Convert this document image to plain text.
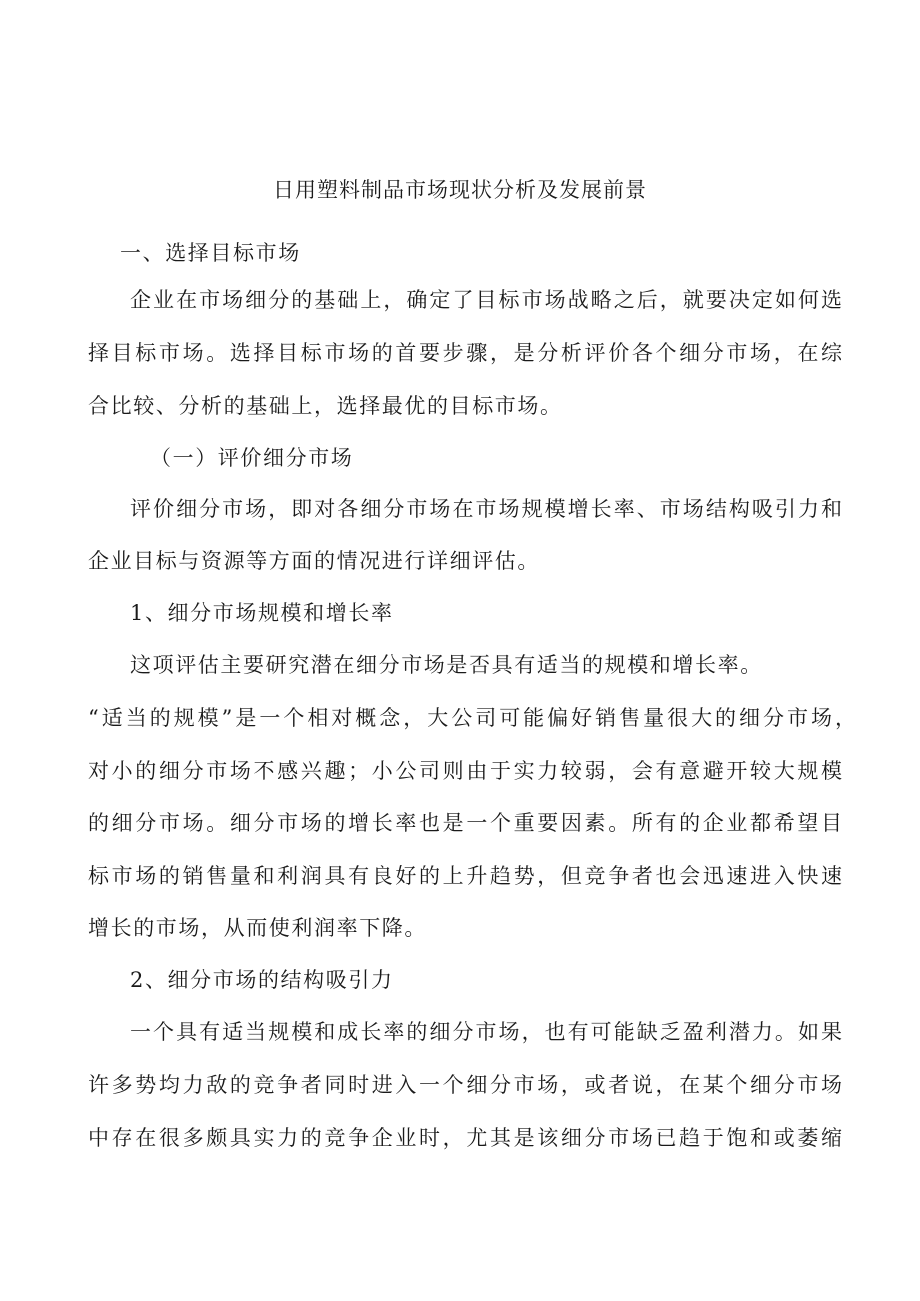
日用塑料制品市场现状分析及发展前景
一、选择目标市场
企业在市场细分的基础上，确定了目标市场战略之后，就要决定如何选
择目标市场。选择目标市场的首要步骤，是分析评价各个细分市场，在综
合比较、分析的基础上，选择最优的目标市场。
（一）评价细分市场
评价细分市场，即对各细分市场在市场规模增长率、市场结构吸引力和
企业目标与资源等方面的情况进行详细评估。
1、细分市场规模和增长率
这项评估主要研究潜在细分市场是否具有适当的规模和增长率。
“适当的规模”是一个相对概念，大公司可能偏好销售量很大的细分市场，
对小的细分市场不感兴趣；小公司则由于实力较弱，会有意避开较大规模
的细分市场。细分市场的增长率也是一个重要因素。所有的企业都希望目
标市场的销售量和利润具有良好的上升趋势，但竞争者也会迅速进入快速
增长的市场，从而使利润率下降。
2、细分市场的结构吸引力
一个具有适当规模和成长率的细分市场，也有可能缺乏盈利潜力。如果
许多势均力敌的竞争者同时进入一个细分市场，或者说，在某个细分市场
中存在很多颇具实力的竞争企业时，尤其是该细分市场已趋于饱和或萎缩
